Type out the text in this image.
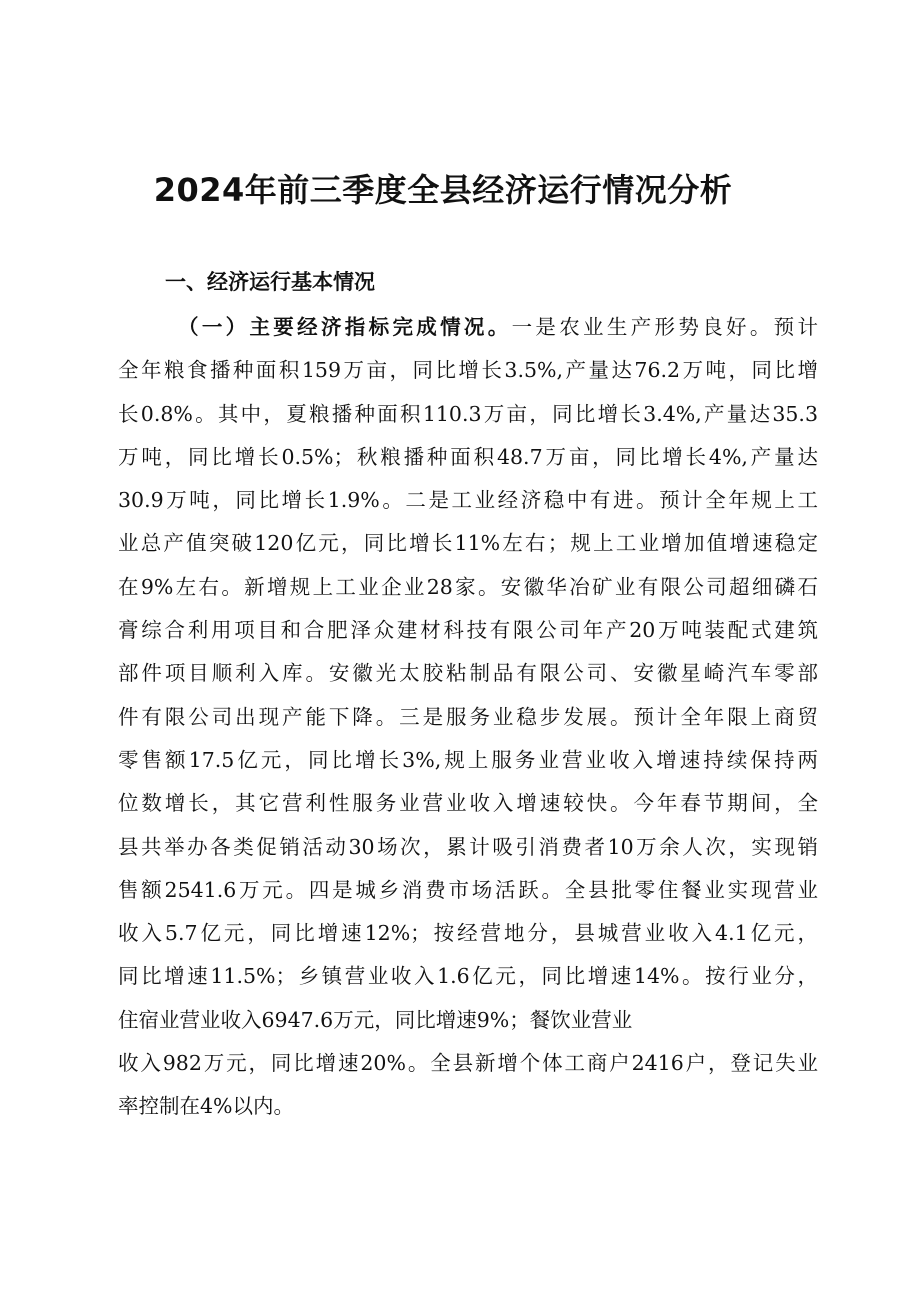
2024年前三季度全县经济运行情况分析
一、经济运行基本情况
（一）主要经济指标完成情况。一是农业生产形势良好。预计
全年粮食播种面积159万亩，同比增长3.5%,产量达76.2万吨，同比增
长0.8%。其中，夏粮播种面积110.3万亩，同比增长3.4%,产量达35.3
万吨，同比增长0.5%；秋粮播种面积48.7万亩，同比增长4%,产量达
30.9万吨，同比增长1.9%。二是工业经济稳中有进。预计全年规上工
业总产值突破120亿元，同比增长11%左右；规上工业增加值增速稳定
在9%左右。新增规上工业企业28家。安徽华冶矿业有限公司超细磷石
膏综合利用项目和合肥泽众建材科技有限公司年产20万吨装配式建筑
部件项目顺利入库。安徽光太胶粘制品有限公司、安徽星崎汽车零部
件有限公司出现产能下降。三是服务业稳步发展。预计全年限上商贸
零售额17.5亿元，同比增长3%,规上服务业营业收入增速持续保持两
位数增长，其它营利性服务业营业收入增速较快。今年春节期间，全
县共举办各类促销活动30场次，累计吸引消费者10万余人次，实现销
售额2541.6万元。四是城乡消费市场活跃。全县批零住餐业实现营业
收入5.7亿元，同比增速12%；按经营地分，县城营业收入4.1亿元，
同比增速11.5%；乡镇营业收入1.6亿元，同比增速14%。按行业分，
住宿业营业收入6947.6万元，同比增速9%；餐饮业营业
收入982万元，同比增速20%。全县新增个体工商户2416户，登记失业
率控制在4%以内。
